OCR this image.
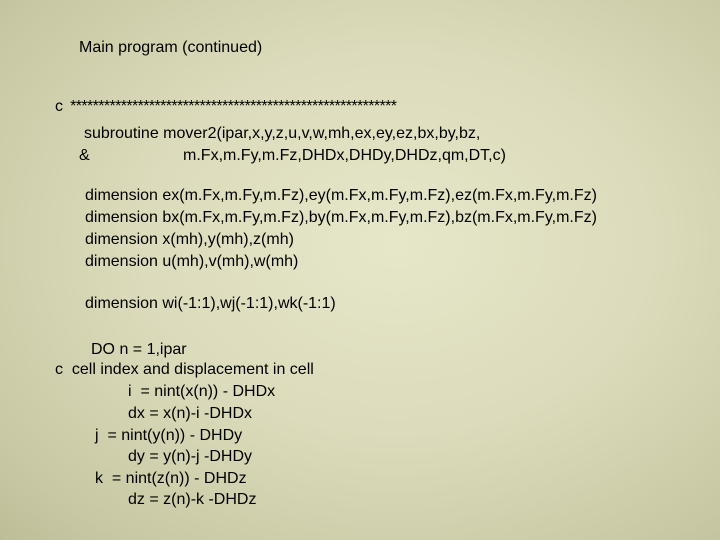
Main program (continued)
c  **********************************************************
subroutine mover2(ipar,x,y,z,u,v,w,mh,ex,ey,ez,bx,by,bz,
&                     m.Fx,m.Fy,m.Fz,DHDx,DHDy,DHDz,qm,DT,c)
dimension ex(m.Fx,m.Fy,m.Fz),ey(m.Fx,m.Fy,m.Fz),ez(m.Fx,m.Fy,m.Fz)
dimension bx(m.Fx,m.Fy,m.Fz),by(m.Fx,m.Fy,m.Fz),bz(m.Fx,m.Fy,m.Fz)
dimension x(mh),y(mh),z(mh)
dimension u(mh),v(mh),w(mh)
dimension wi(-1:1),wj(-1:1),wk(-1:1)
DO n = 1,ipar
c  cell index and displacement in cell
i  = nint(x(n)) - DHDx
dx = x(n)-i -DHDx
j  = nint(y(n)) - DHDy
dy = y(n)-j -DHDy
k  = nint(z(n)) - DHDz
dz = z(n)-k -DHDz
